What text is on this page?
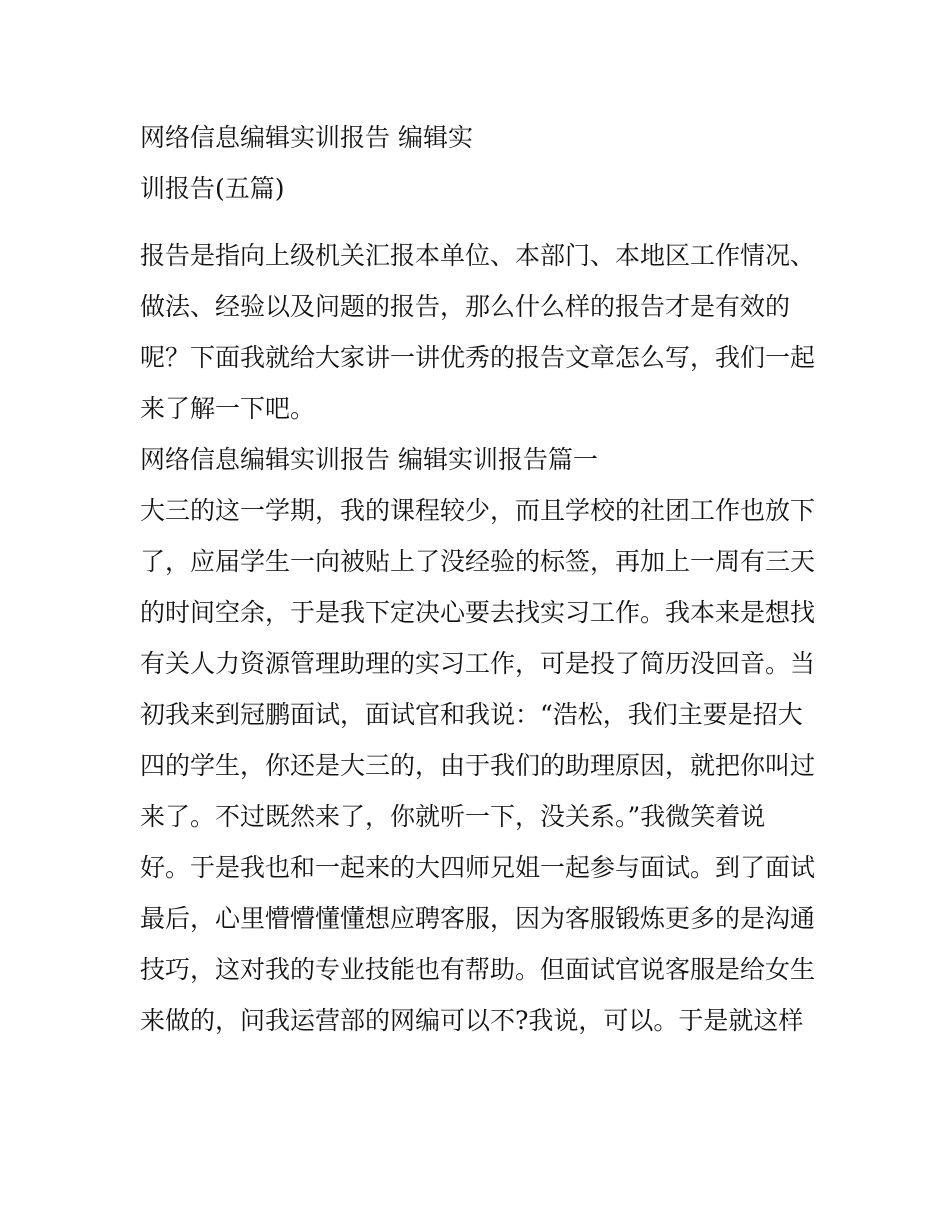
网络信息编辑实训报告 编辑实
训报告(五篇)
报告是指向上级机关汇报本单位、本部门、本地区工作情况、
做法、经验以及问题的报告，那么什么样的报告才是有效的
呢？下面我就给大家讲一讲优秀的报告文章怎么写，我们一起
来了解一下吧。
网络信息编辑实训报告 编辑实训报告篇一
大三的这一学期，我的课程较少，而且学校的社团工作也放下
了，应届学生一向被贴上了没经验的标签，再加上一周有三天
的时间空余，于是我下定决心要去找实习工作。我本来是想找
有关人力资源管理助理的实习工作，可是投了简历没回音。当
初我来到冠鹏面试，面试官和我说：“浩松，我们主要是招大
四的学生，你还是大三的，由于我们的助理原因，就把你叫过
来了。不过既然来了，你就听一下，没关系。”我微笑着说
好。于是我也和一起来的大四师兄姐一起参与面试。到了面试
最后，心里懵懵懂懂想应聘客服，因为客服锻炼更多的是沟通
技巧，这对我的专业技能也有帮助。但面试官说客服是给女生
来做的，问我运营部的网编可以不?我说，可以。于是就这样
